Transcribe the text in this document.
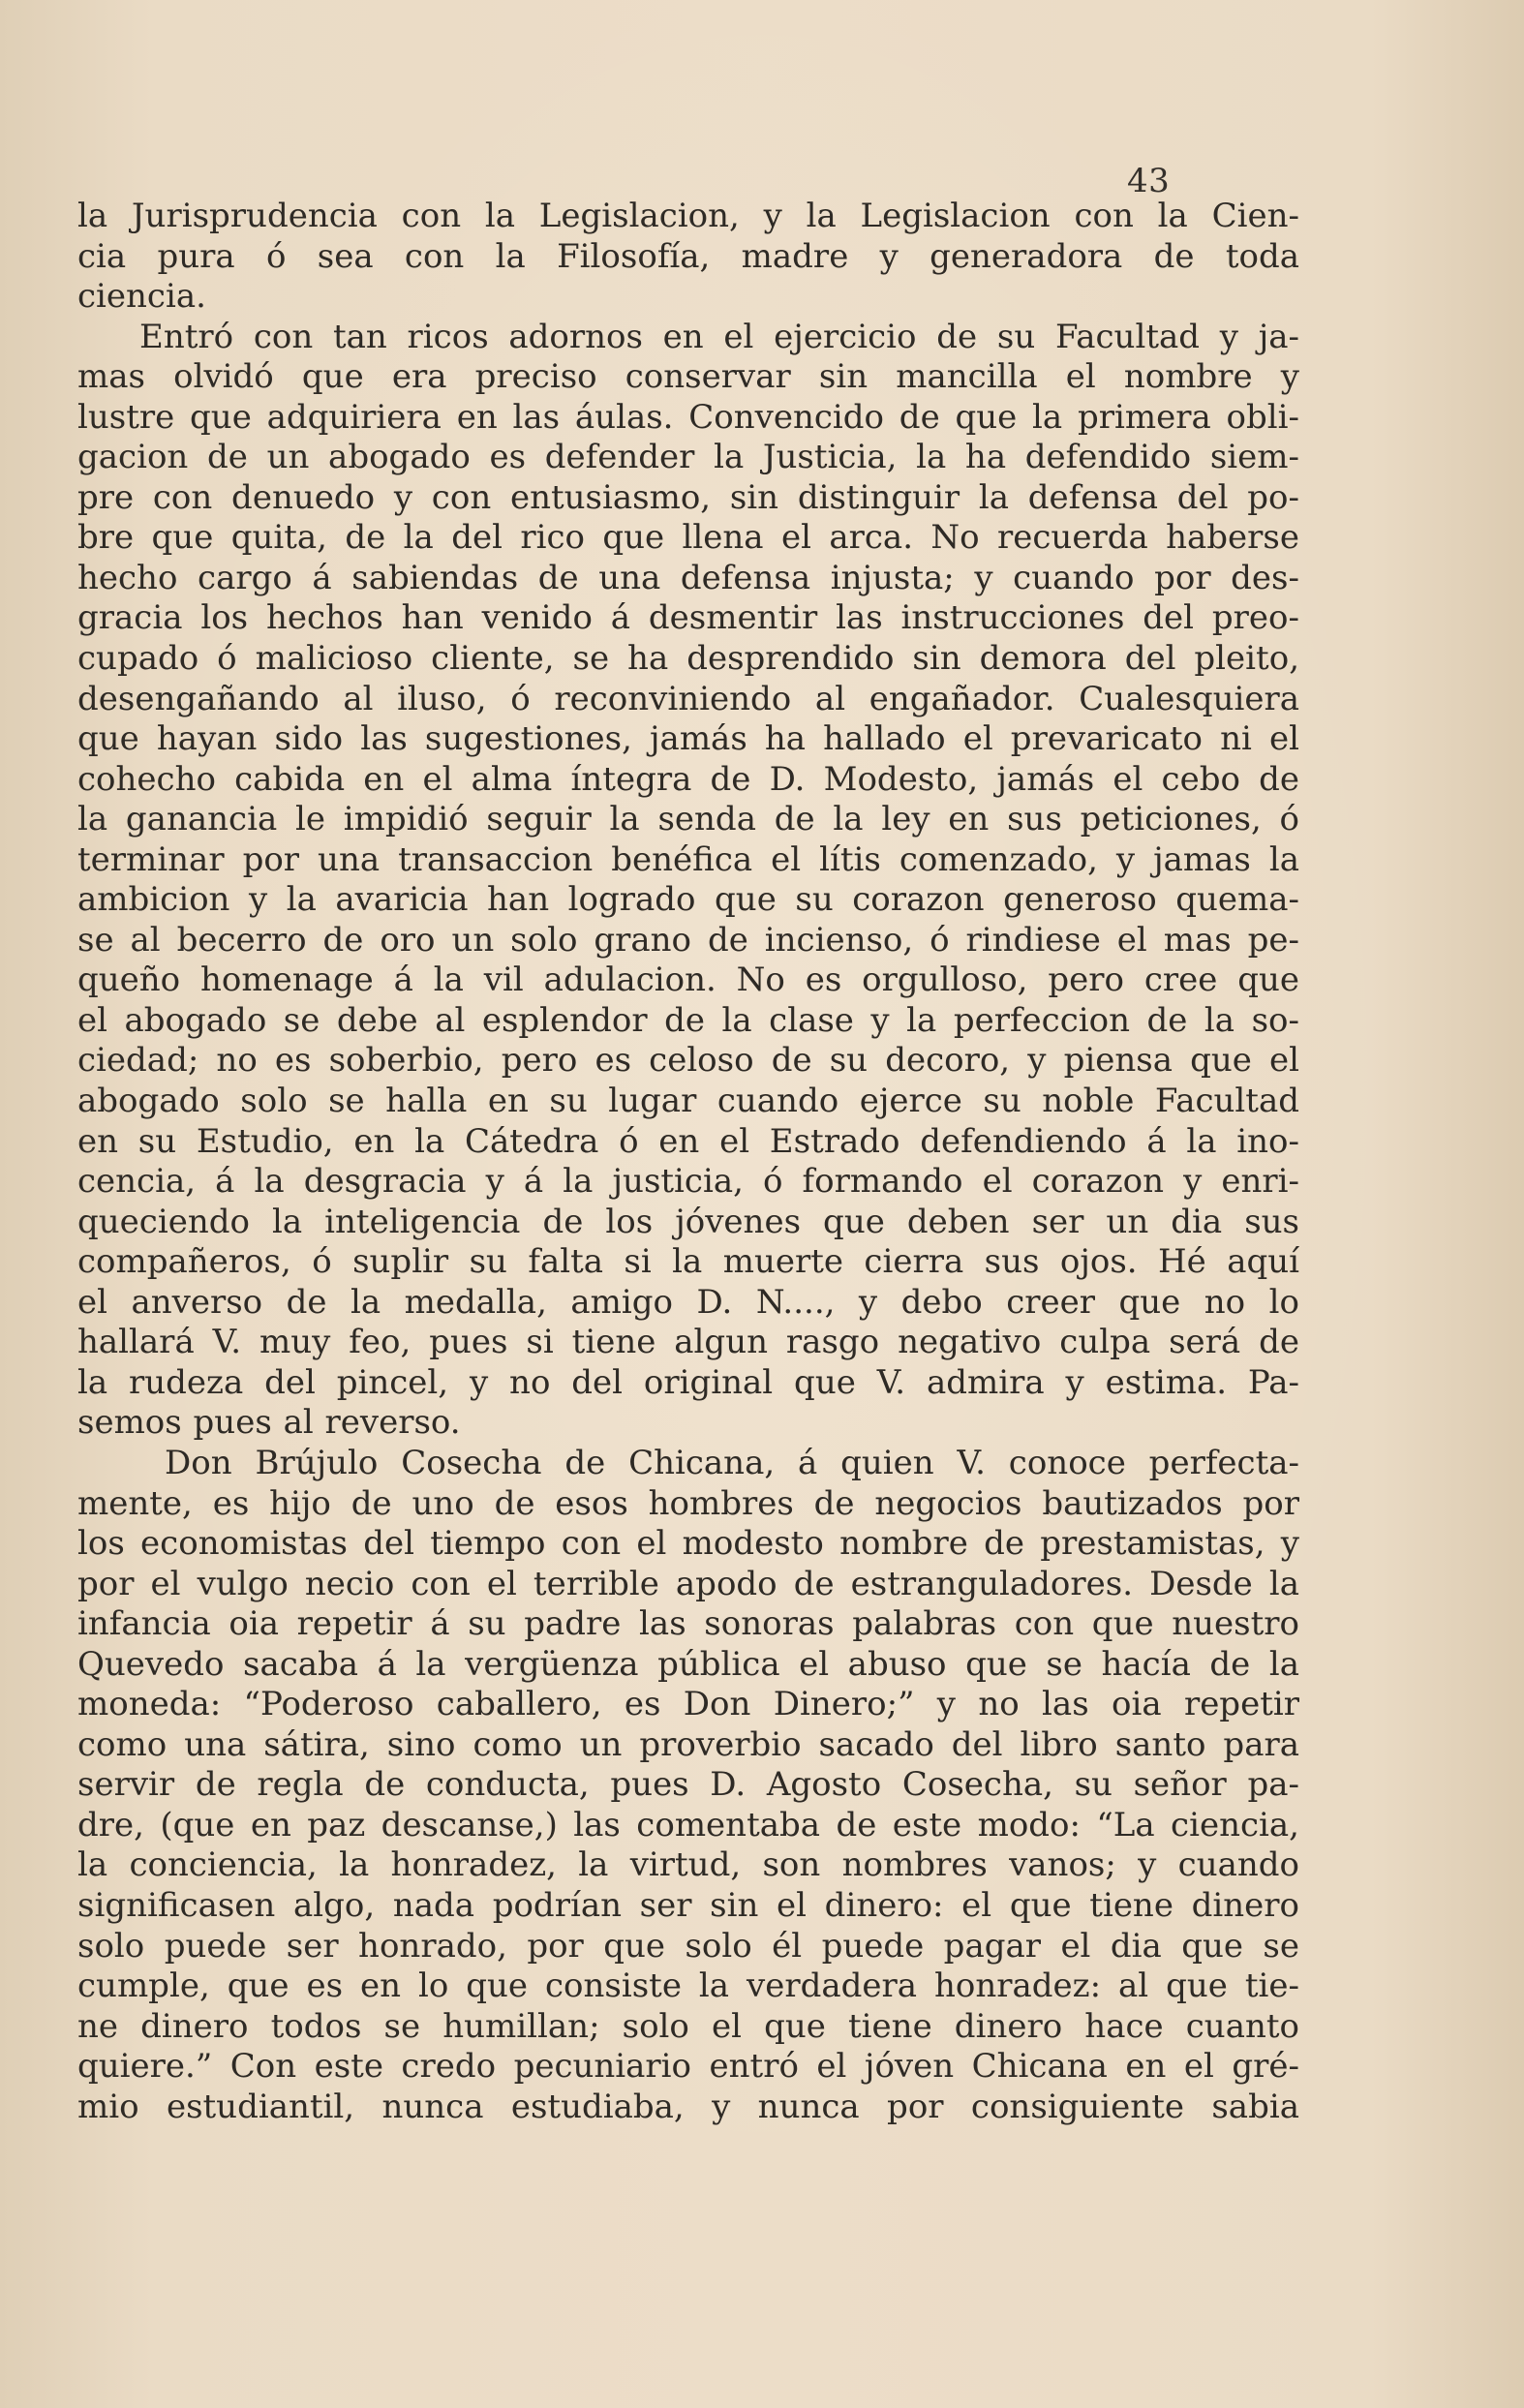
43
la Jurisprudencia con la Legislacion, y la Legislacion con la Cien-
cia pura ó sea con la Filosofía, madre y generadora de toda
ciencia.
Entró con tan ricos adornos en el ejercicio de su Facultad y ja-
mas olvidó que era preciso conservar sin mancilla el nombre y
lustre que adquiriera en las áulas. Convencido de que la primera obli-
gacion de un abogado es defender la Justicia, la ha defendido siem-
pre con denuedo y con entusiasmo, sin distinguir la defensa del po-
bre que quita, de la del rico que llena el arca. No recuerda haberse
hecho cargo á sabiendas de una defensa injusta; y cuando por des-
gracia los hechos han venido á desmentir las instrucciones del preo-
cupado ó malicioso cliente, se ha desprendido sin demora del pleito,
desengañando al iluso, ó reconviniendo al engañador. Cualesquiera
que hayan sido las sugestiones, jamás ha hallado el prevaricato ni el
cohecho cabida en el alma íntegra de D. Modesto, jamás el cebo de
la ganancia le impidió seguir la senda de la ley en sus peticiones, ó
terminar por una transaccion benéfica el lítis comenzado, y jamas la
ambicion y la avaricia han logrado que su corazon generoso quema-
se al becerro de oro un solo grano de incienso, ó rindiese el mas pe-
queño homenage á la vil adulacion. No es orgulloso, pero cree que
el abogado se debe al esplendor de la clase y la perfeccion de la so-
ciedad; no es soberbio, pero es celoso de su decoro, y piensa que el
abogado solo se halla en su lugar cuando ejerce su noble Facultad
en su Estudio, en la Cátedra ó en el Estrado defendiendo á la ino-
cencia, á la desgracia y á la justicia, ó formando el corazon y enri-
queciendo la inteligencia de los jóvenes que deben ser un dia sus
compañeros, ó suplir su falta si la muerte cierra sus ojos. Hé aquí
el anverso de la medalla, amigo D. N...., y debo creer que no lo
hallará V. muy feo, pues si tiene algun rasgo negativo culpa será de
la rudeza del pincel, y no del original que V. admira y estima. Pa-
semos pues al reverso.
Don Brújulo Cosecha de Chicana, á quien V. conoce perfecta-
mente, es hijo de uno de esos hombres de negocios bautizados por
los economistas del tiempo con el modesto nombre de prestamistas, y
por el vulgo necio con el terrible apodo de estranguladores. Desde la
infancia oia repetir á su padre las sonoras palabras con que nuestro
Quevedo sacaba á la vergüenza pública el abuso que se hacía de la
moneda: “Poderoso caballero, es Don Dinero;” y no las oia repetir
como una sátira, sino como un proverbio sacado del libro santo para
servir de regla de conducta, pues D. Agosto Cosecha, su señor pa-
dre, (que en paz descanse,) las comentaba de este modo: “La ciencia,
la conciencia, la honradez, la virtud, son nombres vanos; y cuando
significasen algo, nada podrían ser sin el dinero: el que tiene dinero
solo puede ser honrado, por que solo él puede pagar el dia que se
cumple, que es en lo que consiste la verdadera honradez: al que tie-
ne dinero todos se humillan; solo el que tiene dinero hace cuanto
quiere.” Con este credo pecuniario entró el jóven Chicana en el gré-
mio estudiantil, nunca estudiaba, y nunca por consiguiente sabia
